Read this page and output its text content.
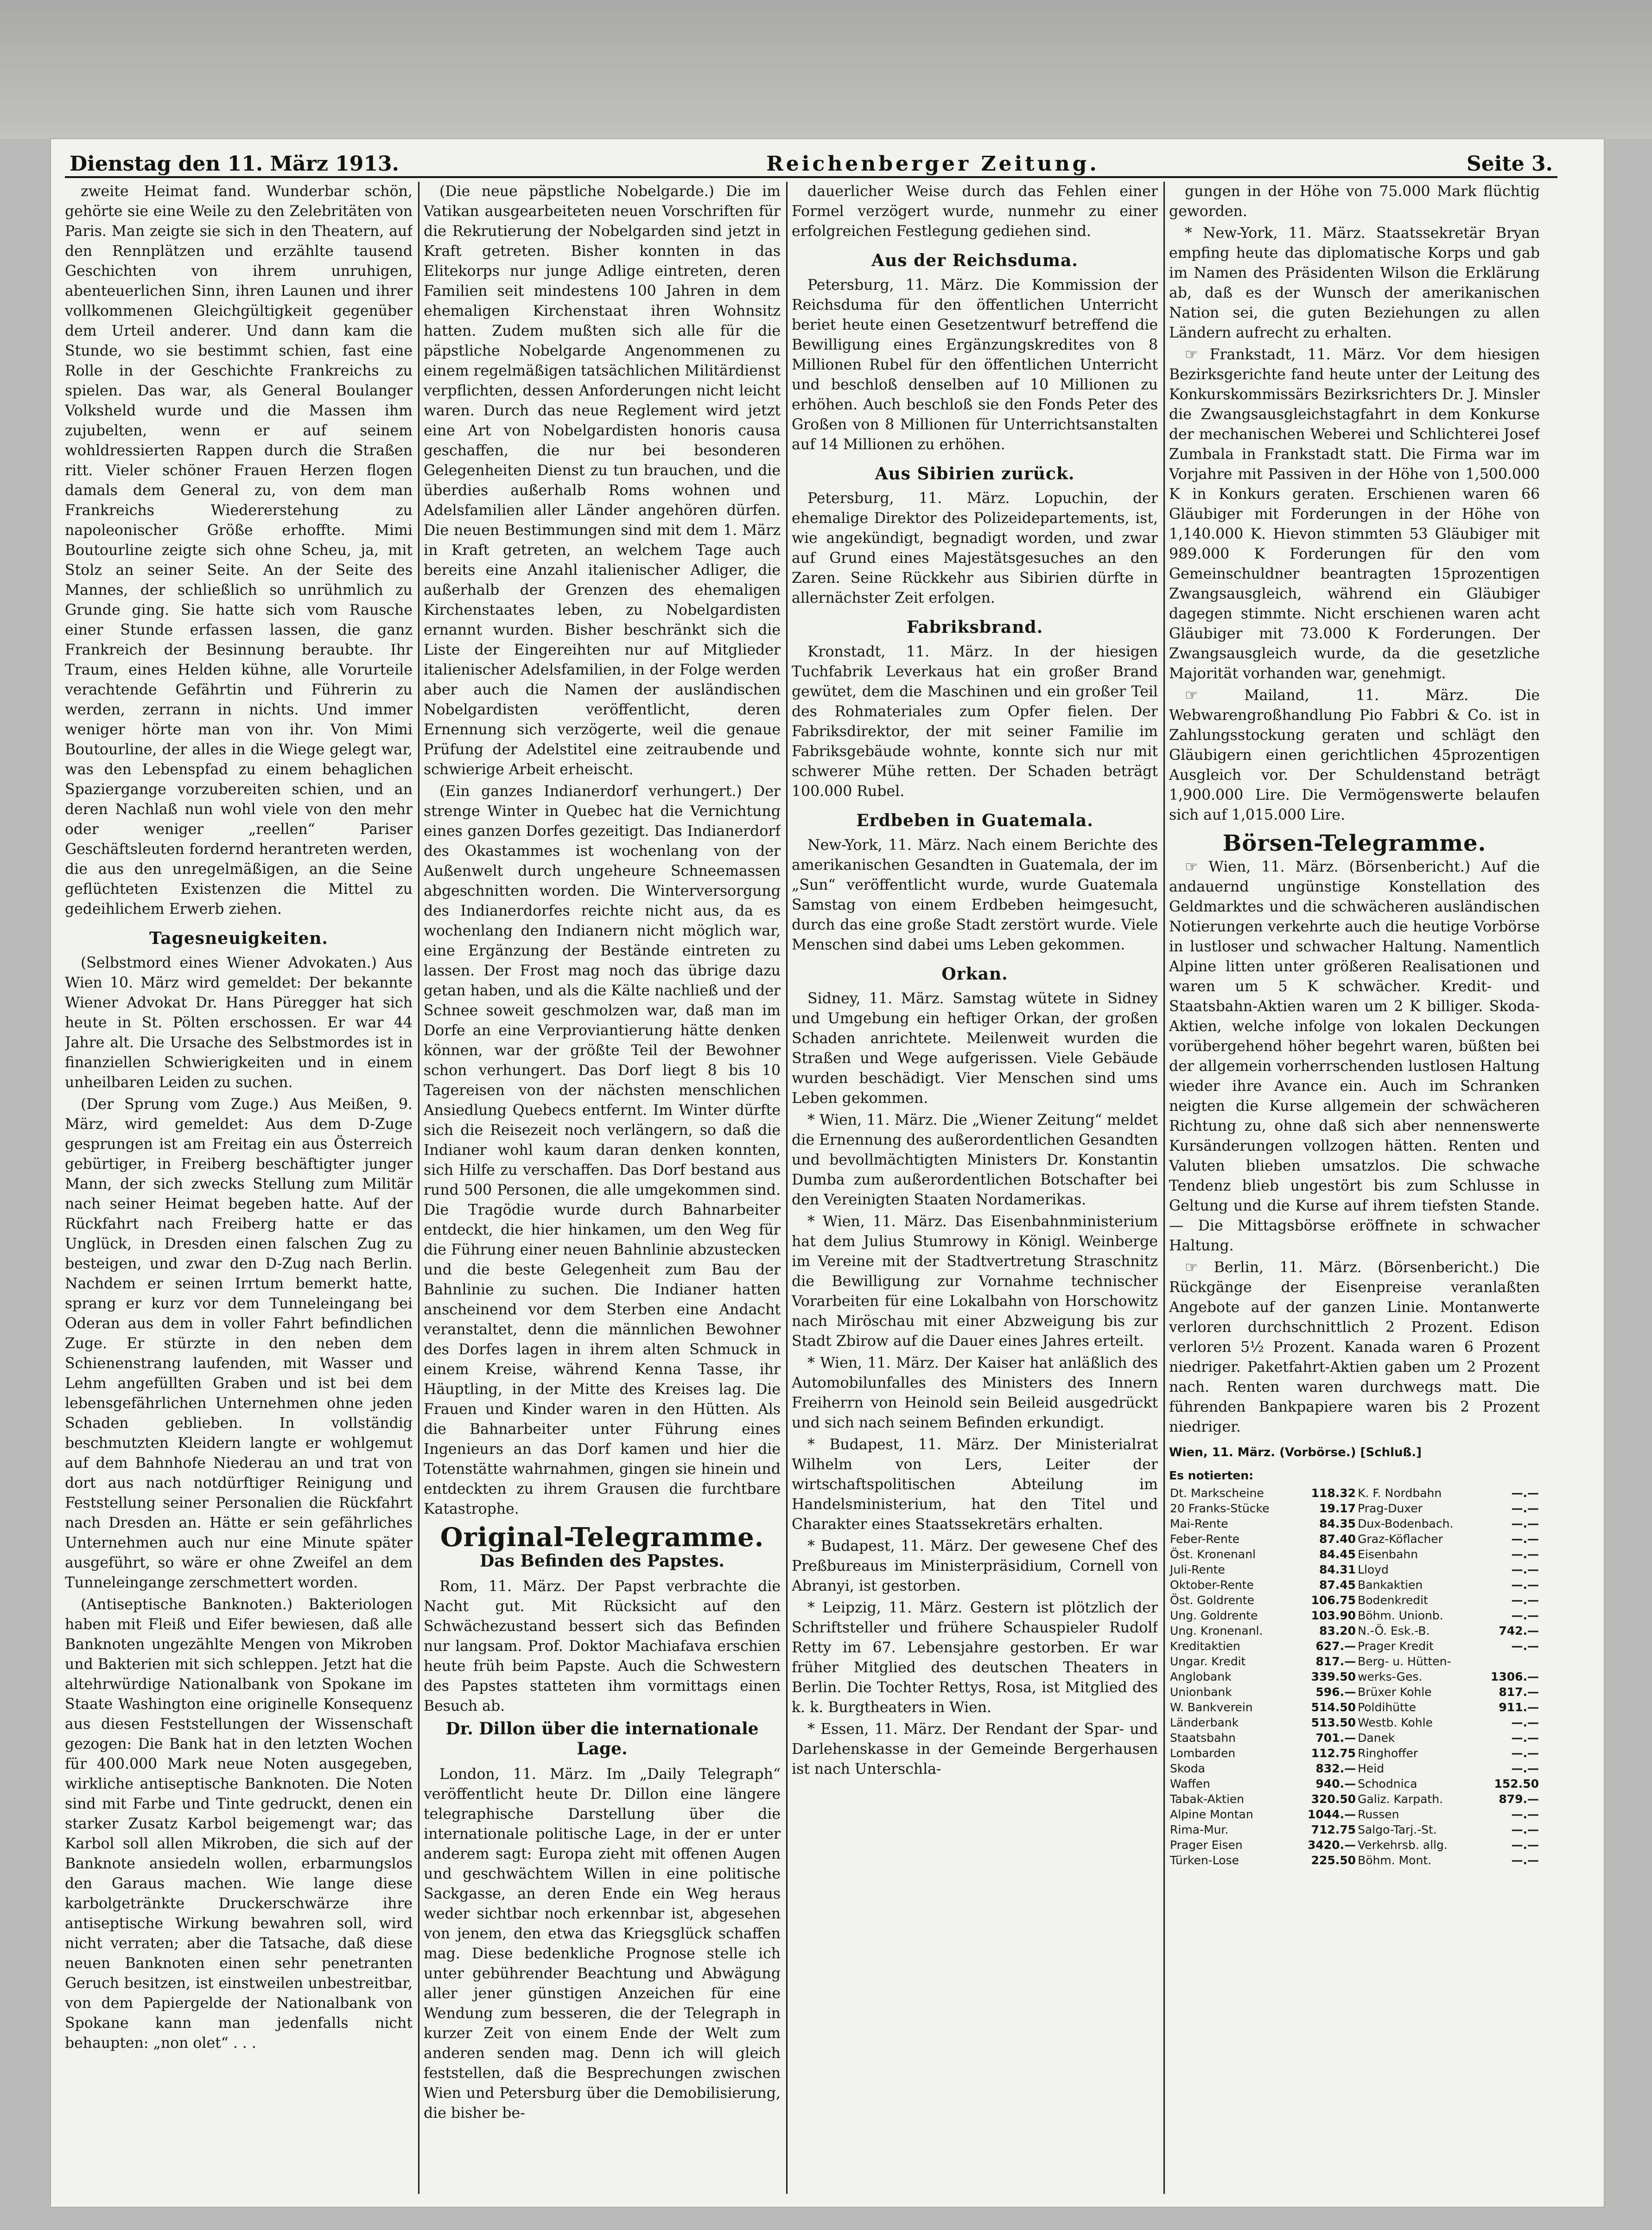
Dienstag den 11. März 1913.	Reichenberger Zeitung.	Seite 3.

zweite Heimat fand. Wunderbar schön, gehörte sie eine Weile zu den Zelebritäten von Paris. Man zeigte sie sich in den Theatern, auf den Rennplätzen und erzählte tausend Geschichten von ihrem unruhigen, abenteuerlichen Sinn, ihren Launen und ihrer vollkommenen Gleichgültigkeit gegenüber dem Urteil anderer. Und dann kam die Stunde, wo sie bestimmt schien, fast eine Rolle in der Geschichte Frankreichs zu spielen. Das war, als General Boulanger Volksheld wurde und die Massen ihm zujubelten, wenn er auf seinem wohldressierten Rappen durch die Straßen ritt. Vieler schöner Frauen Herzen flogen damals dem General zu, von dem man Frankreichs Wiedererstehung zu napoleonischer Größe erhoffte. Mimi Boutourline zeigte sich ohne Scheu, ja, mit Stolz an seiner Seite. An der Seite des Mannes, der schließlich so unrühmlich zu Grunde ging. Sie hatte sich vom Rausche einer Stunde erfassen lassen, die ganz Frankreich der Besinnung beraubte. Ihr Traum, eines Helden kühne, alle Vorurteile verachtende Gefährtin und Führerin zu werden, zerrann in nichts. Und immer weniger hörte man von ihr. Von Mimi Boutourline, der alles in die Wiege gelegt war, was den Lebenspfad zu einem behaglichen Spaziergange vorzubereiten schien, und an deren Nachlaß nun wohl viele von den mehr oder weniger „reellen“ Pariser Geschäftsleuten fordernd herantreten werden, die aus den unregelmäßigen, an die Seine geflüchteten Existenzen die Mittel zu gedeihlichem Erwerb ziehen.

Tagesneuigkeiten.

(Selbstmord eines Wiener Advokaten.) Aus Wien 10. März wird gemeldet: Der bekannte Wiener Advokat Dr. Hans Püregger hat sich heute in St. Pölten erschossen. Er war 44 Jahre alt. Die Ursache des Selbstmordes ist in finanziellen Schwierigkeiten und in einem unheilbaren Leiden zu suchen.

(Der Sprung vom Zuge.) Aus Meißen, 9. März, wird gemeldet: Aus dem D-Zuge gesprungen ist am Freitag ein aus Österreich gebürtiger, in Freiberg beschäftigter junger Mann, der sich zwecks Stellung zum Militär nach seiner Heimat begeben hatte. Auf der Rückfahrt nach Freiberg hatte er das Unglück, in Dresden einen falschen Zug zu besteigen, und zwar den D-Zug nach Berlin. Nachdem er seinen Irrtum bemerkt hatte, sprang er kurz vor dem Tunneleingang bei Oderan aus dem in voller Fahrt befindlichen Zuge. Er stürzte in den neben dem Schienenstrang laufenden, mit Wasser und Lehm angefüllten Graben und ist bei dem lebensgefährlichen Unternehmen ohne jeden Schaden geblieben. In vollständig beschmutzten Kleidern langte er wohlgemut auf dem Bahnhofe Niederau an und trat von dort aus nach notdürftiger Reinigung und Feststellung seiner Personalien die Rückfahrt nach Dresden an. Hätte er sein gefährliches Unternehmen auch nur eine Minute später ausgeführt, so wäre er ohne Zweifel an dem Tunneleingange zerschmettert worden.

(Antiseptische Banknoten.) Bakteriologen haben mit Fleiß und Eifer bewiesen, daß alle Banknoten ungezählte Mengen von Mikroben und Bakterien mit sich schleppen. Jetzt hat die altehrwürdige Nationalbank von Spokane im Staate Washington eine originelle Konsequenz aus diesen Feststellungen der Wissenschaft gezogen: Die Bank hat in den letzten Wochen für 400.000 Mark neue Noten ausgegeben, wirkliche antiseptische Banknoten. Die Noten sind mit Farbe und Tinte gedruckt, denen ein starker Zusatz Karbol beigemengt war; das Karbol soll allen Mikroben, die sich auf der Banknote ansiedeln wollen, erbarmungslos den Garaus machen. Wie lange diese karbolgetränkte Druckerschwärze ihre antiseptische Wirkung bewahren soll, wird nicht verraten; aber die Tatsache, daß diese neuen Banknoten einen sehr penetranten Geruch besitzen, ist einstweilen unbestreitbar, von dem Papiergelde der Nationalbank von Spokane kann man jedenfalls nicht behaupten: „non olet“ . . .

(Die neue päpstliche Nobelgarde.) Die im Vatikan ausgearbeiteten neuen Vorschriften für die Rekrutierung der Nobelgarden sind jetzt in Kraft getreten. Bisher konnten in das Elitekorps nur junge Adlige eintreten, deren Familien seit mindestens 100 Jahren in dem ehemaligen Kirchenstaat ihren Wohnsitz hatten. Zudem mußten sich alle für die päpstliche Nobelgarde Angenommenen zu einem regelmäßigen tatsächlichen Militärdienst verpflichten, dessen Anforderungen nicht leicht waren. Durch das neue Reglement wird jetzt eine Art von Nobelgardisten honoris causa geschaffen, die nur bei besonderen Gelegenheiten Dienst zu tun brauchen, und die überdies außerhalb Roms wohnen und Adelsfamilien aller Länder angehören dürfen. Die neuen Bestimmungen sind mit dem 1. März in Kraft getreten, an welchem Tage auch bereits eine Anzahl italienischer Adliger, die außerhalb der Grenzen des ehemaligen Kirchenstaates leben, zu Nobelgardisten ernannt wurden. Bisher beschränkt sich die Liste der Eingereihten nur auf Mitglieder italienischer Adelsfamilien, in der Folge werden aber auch die Namen der ausländischen Nobelgardisten veröffentlicht, deren Ernennung sich verzögerte, weil die genaue Prüfung der Adelstitel eine zeitraubende und schwierige Arbeit erheischt.

(Ein ganzes Indianerdorf verhungert.) Der strenge Winter in Quebec hat die Vernichtung eines ganzen Dorfes gezeitigt. Das Indianerdorf des Okastammes ist wochenlang von der Außenwelt durch ungeheure Schneemassen abgeschnitten worden. Die Winterversorgung des Indianerdorfes reichte nicht aus, da es wochenlang den Indianern nicht möglich war, eine Ergänzung der Bestände eintreten zu lassen. Der Frost mag noch das übrige dazu getan haben, und als die Kälte nachließ und der Schnee soweit geschmolzen war, daß man im Dorfe an eine Verproviantierung hätte denken können, war der größte Teil der Bewohner schon verhungert. Das Dorf liegt 8 bis 10 Tagereisen von der nächsten menschlichen Ansiedlung Quebecs entfernt. Im Winter dürfte sich die Reisezeit noch verlängern, so daß die Indianer wohl kaum daran denken konnten, sich Hilfe zu verschaffen. Das Dorf bestand aus rund 500 Personen, die alle umgekommen sind. Die Tragödie wurde durch Bahnarbeiter entdeckt, die hier hinkamen, um den Weg für die Führung einer neuen Bahnlinie abzustecken und die beste Gelegenheit zum Bau der Bahnlinie zu suchen. Die Indianer hatten anscheinend vor dem Sterben eine Andacht veranstaltet, denn die männlichen Bewohner des Dorfes lagen in ihrem alten Schmuck in einem Kreise, während Kenna Tasse, ihr Häuptling, in der Mitte des Kreises lag. Die Frauen und Kinder waren in den Hütten. Als die Bahnarbeiter unter Führung eines Ingenieurs an das Dorf kamen und hier die Totenstätte wahrnahmen, gingen sie hinein und entdeckten zu ihrem Grausen die furchtbare Katastrophe.

Original-Telegramme.
Das Befinden des Papstes.

Rom, 11. März. Der Papst verbrachte die Nacht gut. Mit Rücksicht auf den Schwächezustand bessert sich das Befinden nur langsam. Prof. Doktor Machiafava erschien heute früh beim Papste. Auch die Schwestern des Papstes statteten ihm vormittags einen Besuch ab.

Dr. Dillon über die internationale Lage.

London, 11. März. Im „Daily Telegraph“ veröffentlicht heute Dr. Dillon eine längere telegraphische Darstellung über die internationale politische Lage, in der er unter anderem sagt: Europa zieht mit offenen Augen und geschwächtem Willen in eine politische Sackgasse, an deren Ende ein Weg heraus weder sichtbar noch erkennbar ist, abgesehen von jenem, den etwa das Kriegsglück schaffen mag. Diese bedenkliche Prognose stelle ich unter gebührender Beachtung und Abwägung aller jener günstigen Anzeichen für eine Wendung zum besseren, die der Telegraph in kurzer Zeit von einem Ende der Welt zum anderen senden mag. Denn ich will gleich feststellen, daß die Besprechungen zwischen Wien und Petersburg über die Demobilisierung, die bisher be-

dauerlicher Weise durch das Fehlen einer Formel verzögert wurde, nunmehr zu einer erfolgreichen Festlegung gediehen sind.

Aus der Reichsduma.

Petersburg, 11. März. Die Kommission der Reichsduma für den öffentlichen Unterricht beriet heute einen Gesetzentwurf betreffend die Bewilligung eines Ergänzungskredites von 8 Millionen Rubel für den öffentlichen Unterricht und beschloß denselben auf 10 Millionen zu erhöhen. Auch beschloß sie den Fonds Peter des Großen von 8 Millionen für Unterrichtsanstalten auf 14 Millionen zu erhöhen.

Aus Sibirien zurück.

Petersburg, 11. März. Lopuchin, der ehemalige Direktor des Polizeidepartements, ist, wie angekündigt, begnadigt worden, und zwar auf Grund eines Majestätsgesuches an den Zaren. Seine Rückkehr aus Sibirien dürfte in allernächster Zeit erfolgen.

Fabriksbrand.

Kronstadt, 11. März. In der hiesigen Tuchfabrik Leverkaus hat ein großer Brand gewütet, dem die Maschinen und ein großer Teil des Rohmateriales zum Opfer fielen. Der Fabriksdirektor, der mit seiner Familie im Fabriksgebäude wohnte, konnte sich nur mit schwerer Mühe retten. Der Schaden beträgt 100.000 Rubel.

Erdbeben in Guatemala.

New-York, 11. März. Nach einem Berichte des amerikanischen Gesandten in Guatemala, der im „Sun“ veröffentlicht wurde, wurde Guatemala Samstag von einem Erdbeben heimgesucht, durch das eine große Stadt zerstört wurde. Viele Menschen sind dabei ums Leben gekommen.

Orkan.

Sidney, 11. März. Samstag wütete in Sidney und Umgebung ein heftiger Orkan, der großen Schaden anrichtete. Meilenweit wurden die Straßen und Wege aufgerissen. Viele Gebäude wurden beschädigt. Vier Menschen sind ums Leben gekommen.

* Wien, 11. März. Die „Wiener Zeitung“ meldet die Ernennung des außerordentlichen Gesandten und bevollmächtigten Ministers Dr. Konstantin Dumba zum außerordentlichen Botschafter bei den Vereinigten Staaten Nordamerikas.

* Wien, 11. März. Das Eisenbahnministerium hat dem Julius Stumrowy in Königl. Weinberge im Vereine mit der Stadtvertretung Straschnitz die Bewilligung zur Vornahme technischer Vorarbeiten für eine Lokalbahn von Horschowitz nach Miröschau mit einer Abzweigung bis zur Stadt Zbirow auf die Dauer eines Jahres erteilt.

* Wien, 11. März. Der Kaiser hat anläßlich des Automobilunfalles des Ministers des Innern Freiherrn von Heinold sein Beileid ausgedrückt und sich nach seinem Befinden erkundigt.

* Budapest, 11. März. Der Ministerialrat Wilhelm von Lers, Leiter der wirtschaftspolitischen Abteilung im Handelsministerium, hat den Titel und Charakter eines Staatssekretärs erhalten.

* Budapest, 11. März. Der gewesene Chef des Preßbureaus im Ministerpräsidium, Cornell von Abranyi, ist gestorben.

* Leipzig, 11. März. Gestern ist plötzlich der Schriftsteller und frühere Schauspieler Rudolf Retty im 67. Lebensjahre gestorben. Er war früher Mitglied des deutschen Theaters in Berlin. Die Tochter Rettys, Rosa, ist Mitglied des k. k. Burgtheaters in Wien.

* Essen, 11. März. Der Rendant der Spar- und Darlehenskasse in der Gemeinde Bergerhausen ist nach Unterschla-

gungen in der Höhe von 75.000 Mark flüchtig geworden.

* New-York, 11. März. Staatssekretär Bryan empfing heute das diplomatische Korps und gab im Namen des Präsidenten Wilson die Erklärung ab, daß es der Wunsch der amerikanischen Nation sei, die guten Beziehungen zu allen Ländern aufrecht zu erhalten.

☞ Frankstadt, 11. März. Vor dem hiesigen Bezirksgerichte fand heute unter der Leitung des Konkurskommissärs Bezirksrichters Dr. J. Minsler die Zwangsausgleichstagfahrt in dem Konkurse der mechanischen Weberei und Schlichterei Josef Zumbala in Frankstadt statt. Die Firma war im Vorjahre mit Passiven in der Höhe von 1,500.000 K in Konkurs geraten. Erschienen waren 66 Gläubiger mit Forderungen in der Höhe von 1,140.000 K. Hievon stimmten 53 Gläubiger mit 989.000 K Forderungen für den vom Gemeinschuldner beantragten 15prozentigen Zwangsausgleich, während ein Gläubiger dagegen stimmte. Nicht erschienen waren acht Gläubiger mit 73.000 K Forderungen. Der Zwangsausgleich wurde, da die gesetzliche Majorität vorhanden war, genehmigt.

☞ Mailand, 11. März. Die Webwarengroßhandlung Pio Fabbri & Co. ist in Zahlungsstockung geraten und schlägt den Gläubigern einen gerichtlichen 45prozentigen Ausgleich vor. Der Schuldenstand beträgt 1,900.000 Lire. Die Vermögenswerte belaufen sich auf 1,015.000 Lire.

Börsen-Telegramme.

☞ Wien, 11. März. (Börsenbericht.) Auf die andauernd ungünstige Konstellation des Geldmarktes und die schwächeren ausländischen Notierungen verkehrte auch die heutige Vorbörse in lustloser und schwacher Haltung. Namentlich Alpine litten unter größeren Realisationen und waren um 5 K schwächer. Kredit- und Staatsbahn-Aktien waren um 2 K billiger. Skoda-Aktien, welche infolge von lokalen Deckungen vorübergehend höher begehrt waren, büßten bei der allgemein vorherrschenden lustlosen Haltung wieder ihre Avance ein. Auch im Schranken neigten die Kurse allgemein der schwächeren Richtung zu, ohne daß sich aber nennenswerte Kursänderungen vollzogen hätten. Renten und Valuten blieben umsatzlos. Die schwache Tendenz blieb ungestört bis zum Schlusse in Geltung und die Kurse auf ihrem tiefsten Stande. — Die Mittagsbörse eröffnete in schwacher Haltung.

☞ Berlin, 11. März. (Börsenbericht.) Die Rückgänge der Eisenpreise veranlaßten Angebote auf der ganzen Linie. Montanwerte verloren durchschnittlich 2 Prozent. Edison verloren 5½ Prozent. Kanada waren 6 Prozent niedriger. Paketfahrt-Aktien gaben um 2 Prozent nach. Renten waren durchwegs matt. Die führenden Bankpapiere waren bis 2 Prozent niedriger.

Wien, 11. März. (Vorbörse.) [Schluß.]
Es notierten:
Dt. Markscheine	118.32	K. F. Nordbahn	—.—
20 Franks-Stücke	19.17	Prag-Duxer	—.—
Mai-Rente	84.35	Dux-Bodenbach.	—.—
Feber-Rente	87.40	Graz-Köflacher	—.—
Öst. Kronenanl	84.45	Eisenbahn	—.—
Juli-Rente	84.31	Lloyd	—.—
Oktober-Rente	87.45	Bankaktien	—.—
Öst. Goldrente	106.75	Bodenkredit	—.—
Ung. Goldrente	103.90	Böhm. Unionb.	—.—
Ung. Kronenanl.	83.20	N.-Ö. Esk.-B.	742.—
Kreditaktien	627.—	Prager Kredit	—.—
Ungar. Kredit	817.—	Berg- u. Hütten-	
Anglobank	339.50	werks-Ges.	1306.—
Unionbank	596.—	Brüxer Kohle	817.—
W. Bankverein	514.50	Poldihütte	911.—
Länderbank	513.50	Westb. Kohle	—.—
Staatsbahn	701.—	Danek	—.—
Lombarden	112.75	Ringhoffer	—.—
Skoda	832.—	Heid	—.—
Waffen	940.—	Schodnica	152.50
Tabak-Aktien	320.50	Galiz. Karpath.	879.—
Alpine Montan	1044.—	Russen	—.—
Rima-Mur.	712.75	Salgo-Tarj.-St.	—.—
Prager Eisen	3420.—	Verkehrsb. allg.	—.—
Türken-Lose	225.50	Böhm. Mont.	—.—
